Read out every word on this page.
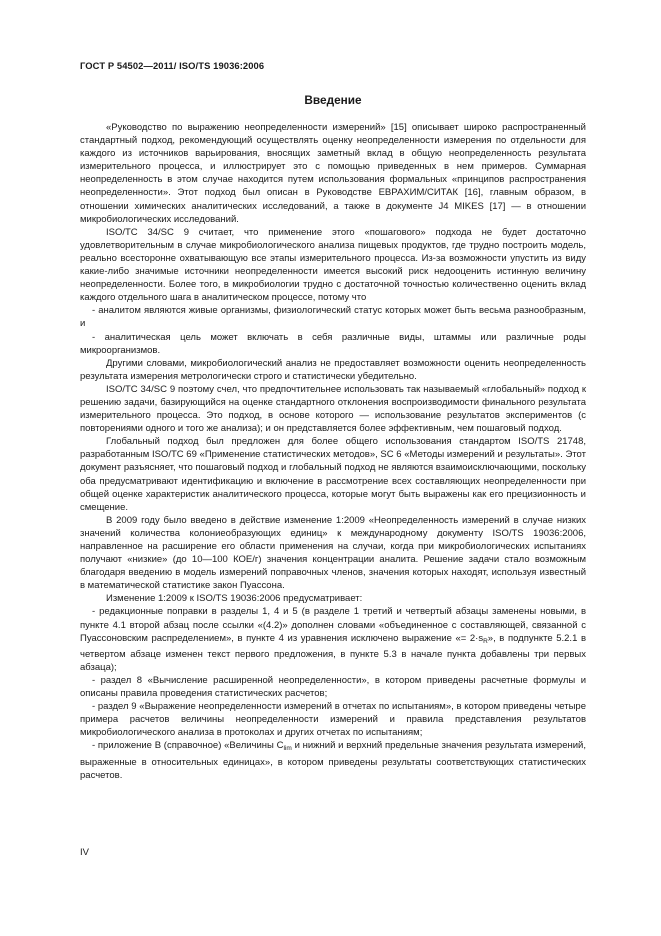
ГОСТ Р 54502—2011/ ISO/TS 19036:2006
Введение

«Руководство по выражению неопределенности измерений» [15] описывает широко распространенный стандартный подход, рекомендующий осуществлять оценку неопределенности измерения по отдельности для каждого из источников варьирования, вносящих заметный вклад в общую неопределенность результата измерительного процесса, и иллюстрирует это с помощью приведенных в нем примеров. Суммарная неопределенность в этом случае находится путем использования формальных «принципов распространения неопределенности». Этот подход был описан в Руководстве ЕВРАХИМ/СИТАК [16], главным образом, в отношении химических аналитических исследований, а также в документе J4 MIKES [17] — в отношении микробиологических исследований.

ISO/TC 34/SC 9 считает, что применение этого «пошагового» подхода не будет достаточно удовлетворительным в случае микробиологического анализа пищевых продуктов, где трудно построить модель, реально всесторонне охватывающую все этапы измерительного процесса. Из-за возможности упустить из виду какие-либо значимые источники неопределенности имеется высокий риск недооценить истинную величину неопределенности. Более того, в микробиологии трудно с достаточной точностью количественно оценить вклад каждого отдельного шага в аналитическом процессе, потому что

- аналитом являются живые организмы, физиологический статус которых может быть весьма разнообразным, и

- аналитическая цель может включать в себя различные виды, штаммы или различные роды микроорганизмов.

Другими словами, микробиологический анализ не предоставляет возможности оценить неопределенность результата измерения метрологически строго и статистически убедительно.

ISO/TC 34/SC 9 поэтому счел, что предпочтительнее использовать так называемый «глобальный» подход к решению задачи, базирующийся на оценке стандартного отклонения воспроизводимости финального результата измерительного процесса. Это подход, в основе которого — использование результатов экспериментов (с повторениями одного и того же анализа); и он представляется более эффективным, чем пошаговый подход.

Глобальный подход был предложен для более общего использования стандартом ISO/TS 21748, разработанным ISO/TC 69 «Применение статистических методов», SC 6 «Методы измерений и результаты». Этот документ разъясняет, что пошаговый подход и глобальный подход не являются взаимоисключающими, поскольку оба предусматривают идентификацию и включение в рассмотрение всех составляющих неопределенности при общей оценке характеристик аналитического процесса, которые могут быть выражены как его прецизионность и смещение.

В 2009 году было введено в действие изменение 1:2009 «Неопределенность измерений в случае низких значений количества колониеобразующих единиц» к международному документу ISO/TS 19036:2006, направленное на расширение его области применения на случаи, когда при микробиологических испытаниях получают «низкие» (до 10—100 КОЕ/г) значения концентрации аналита. Решение задачи стало возможным благодаря введению в модель измерений поправочных членов, значения которых находят, используя известный в математической статистике закон Пуассона.

Изменение 1:2009 к ISO/TS 19036:2006 предусматривает:

- редакционные поправки в разделы 1, 4 и 5 (в разделе 1 третий и четвертый абзацы заменены новыми, в пункте 4.1 второй абзац после ссылки «(4.2)» дополнен словами «объединенное с составляющей, связанной с Пуассоновским распределением», в пункте 4 из уравнения исключено выражение «= $2\cdot s_R$», в подпункте 5.2.1 в четвертом абзаце изменен текст первого предложения, в пункте 5.3 в начале пункта добавлены три первых абзаца);

- раздел 8 «Вычисление расширенной неопределенности», в котором приведены расчетные формулы и описаны правила проведения статистических расчетов;

- раздел 9 «Выражение неопределенности измерений в отчетах по испытаниям», в котором приведены четыре примера расчетов величины неопределенности измерений и правила представления результатов микробиологического анализа в протоколах и других отчетах по испытаниям;

- приложение В (справочное) «Величины $C_{lim}$ и нижний и верхний предельные значения результата измерений, выраженные в относительных единицах», в котором приведены результаты соответствующих статистических расчетов.

IV
